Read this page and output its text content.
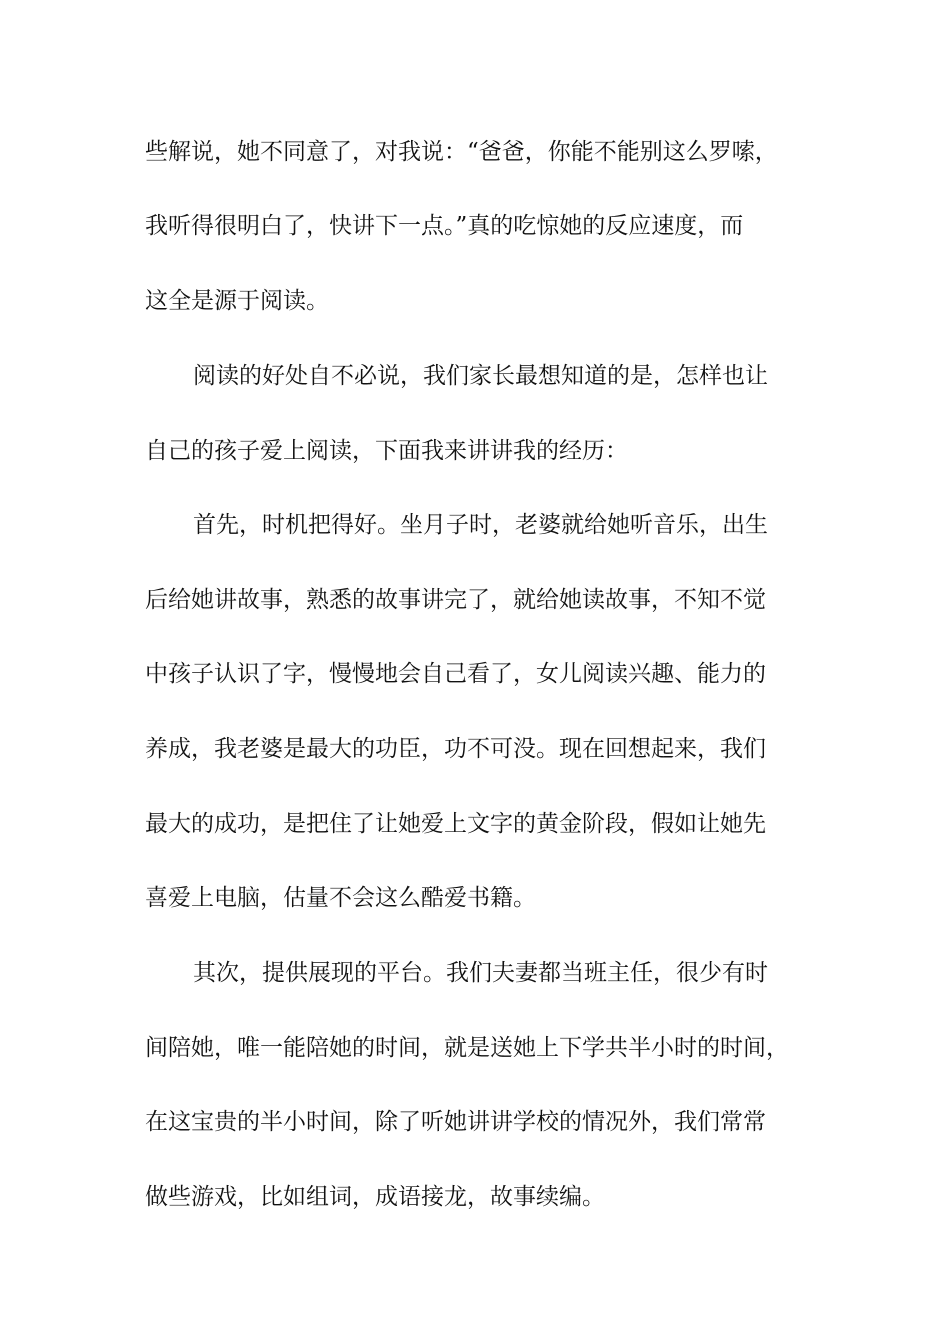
些解说，她不同意了，对我说：“爸爸，你能不能别这么罗嗦，
我听得很明白了，快讲下一点。”真的吃惊她的反应速度，而
这全是源于阅读。
阅读的好处自不必说，我们家长最想知道的是，怎样也让
自己的孩子爱上阅读，下面我来讲讲我的经历：
首先，时机把得好。坐月子时，老婆就给她听音乐，出生
后给她讲故事，熟悉的故事讲完了，就给她读故事，不知不觉
中孩子认识了字，慢慢地会自己看了，女儿阅读兴趣、能力的
养成，我老婆是最大的功臣，功不可没。现在回想起来，我们
最大的成功，是把住了让她爱上文字的黄金阶段，假如让她先
喜爱上电脑，估量不会这么酷爱书籍。
其次，提供展现的平台。我们夫妻都当班主任，很少有时
间陪她，唯一能陪她的时间，就是送她上下学共半小时的时间，
在这宝贵的半小时间，除了听她讲讲学校的情况外，我们常常
做些游戏，比如组词，成语接龙，故事续编。
